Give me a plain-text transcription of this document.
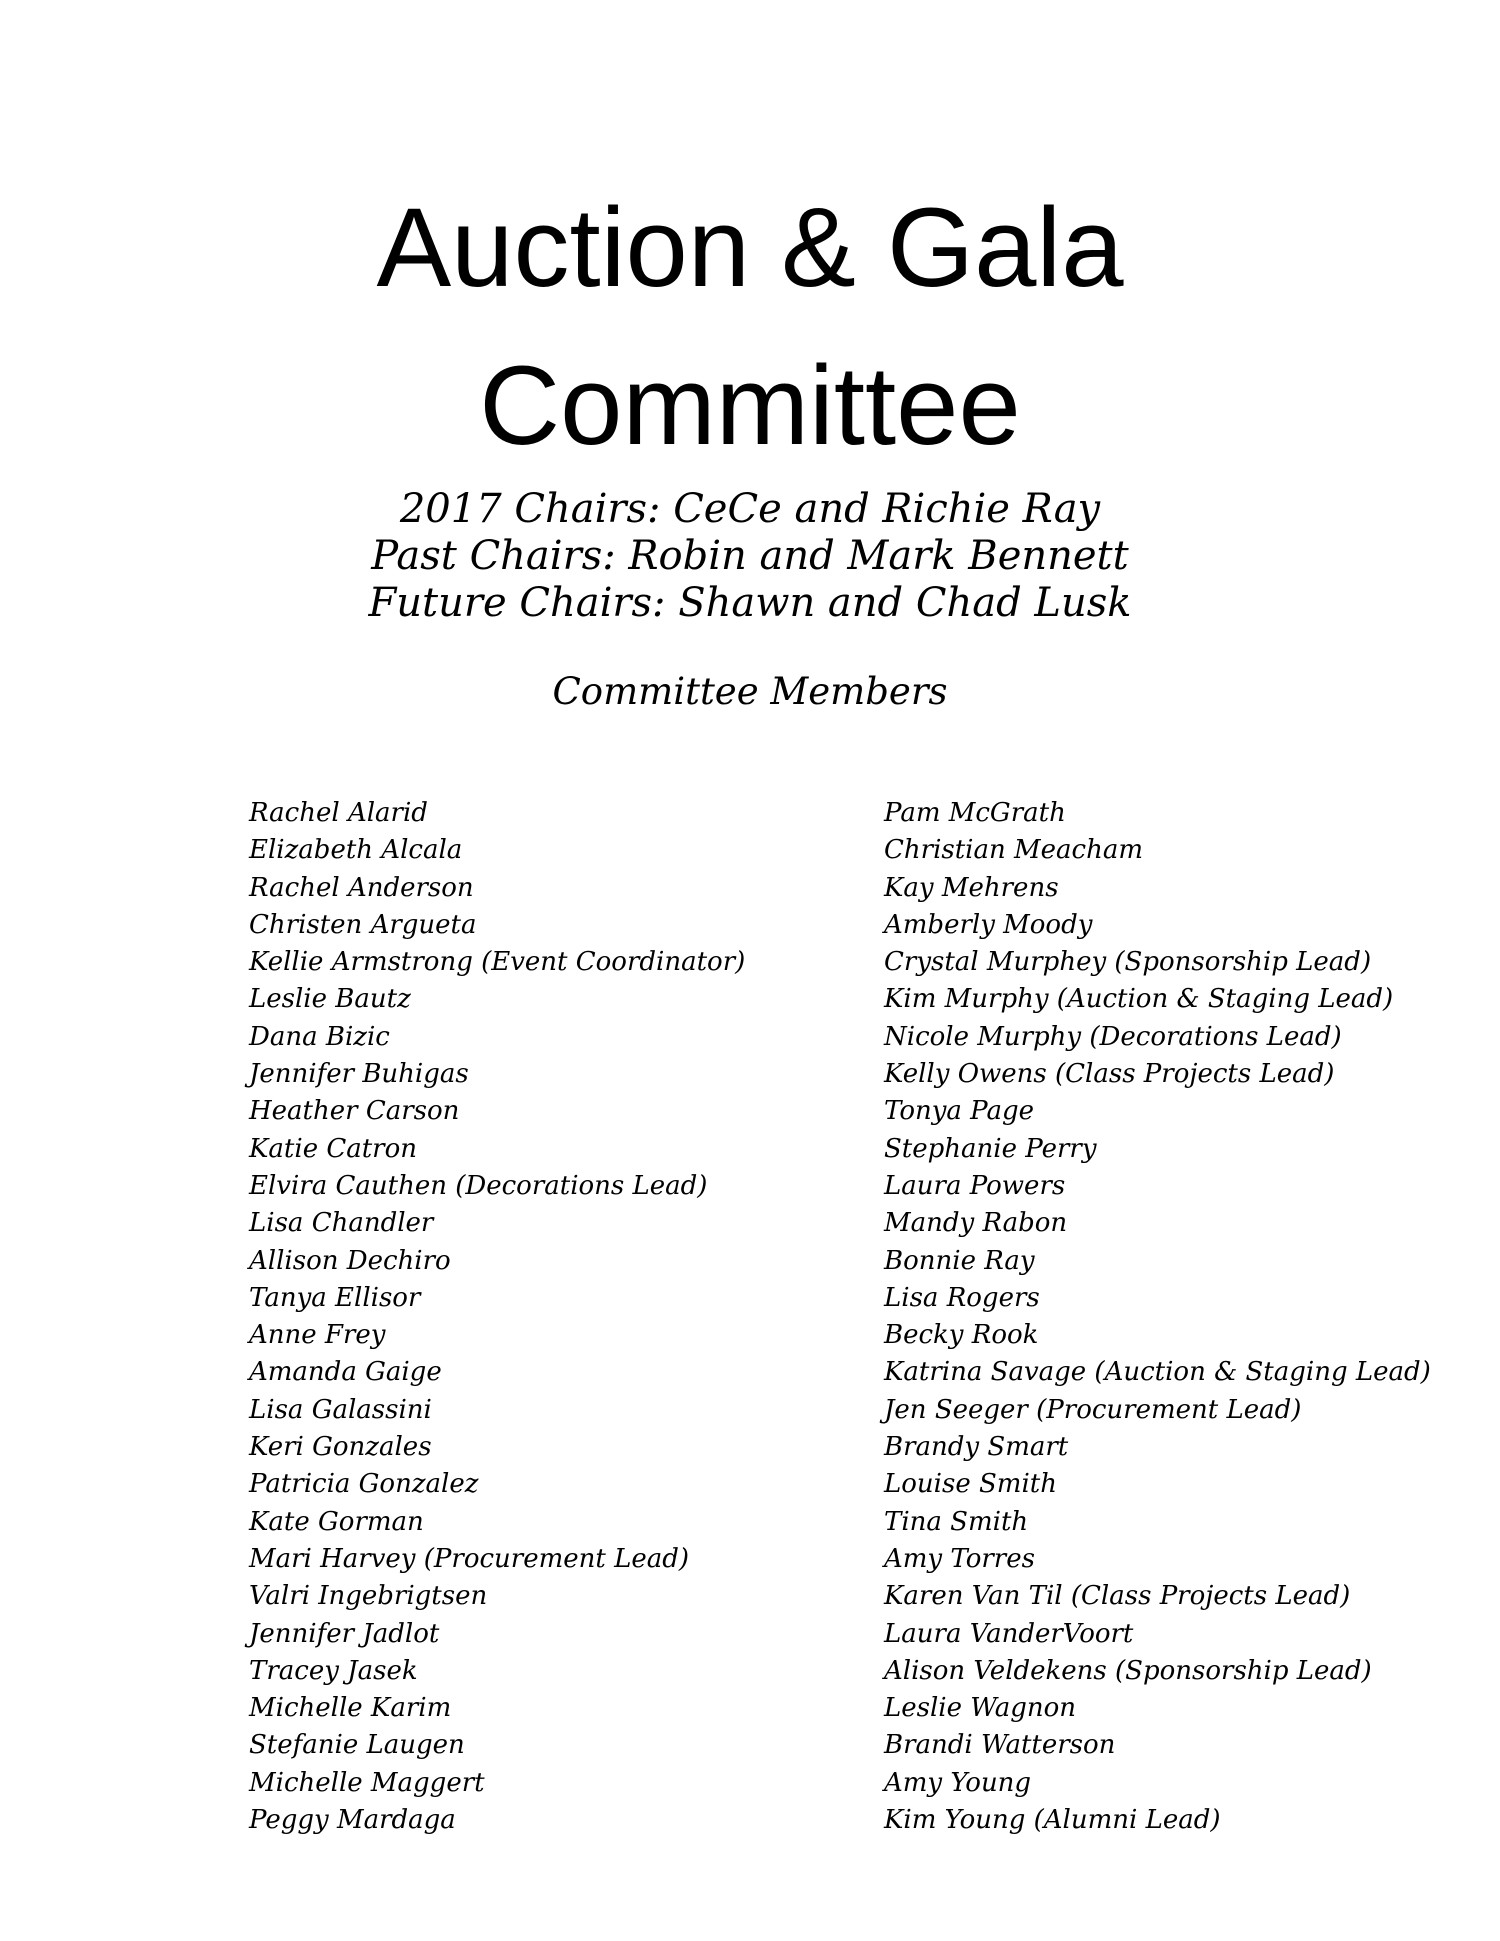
Auction & Gala
Committee
2017 Chairs: CeCe and Richie Ray
Past Chairs: Robin and Mark Bennett
Future Chairs: Shawn and Chad Lusk
Committee Members
Rachel Alarid
Elizabeth Alcala
Rachel Anderson
Christen Argueta
Kellie Armstrong (Event Coordinator)
Leslie Bautz
Dana Bizic
Jennifer Buhigas
Heather Carson
Katie Catron
Elvira Cauthen (Decorations Lead)
Lisa Chandler
Allison Dechiro
Tanya Ellisor
Anne Frey
Amanda Gaige
Lisa Galassini
Keri Gonzales
Patricia Gonzalez
Kate Gorman
Mari Harvey (Procurement Lead)
Valri Ingebrigtsen
Jennifer Jadlot
Tracey Jasek
Michelle Karim
Stefanie Laugen
Michelle Maggert
Peggy Mardaga
Pam McGrath
Christian Meacham
Kay Mehrens
Amberly Moody
Crystal Murphey (Sponsorship Lead)
Kim Murphy (Auction & Staging Lead)
Nicole Murphy (Decorations Lead)
Kelly Owens (Class Projects Lead)
Tonya Page
Stephanie Perry
Laura Powers
Mandy Rabon
Bonnie Ray
Lisa Rogers
Becky Rook
Katrina Savage (Auction & Staging Lead)
Jen Seeger (Procurement Lead)
Brandy Smart
Louise Smith
Tina Smith
Amy Torres
Karen Van Til (Class Projects Lead)
Laura VanderVoort
Alison Veldekens (Sponsorship Lead)
Leslie Wagnon
Brandi Watterson
Amy Young
Kim Young (Alumni Lead)
